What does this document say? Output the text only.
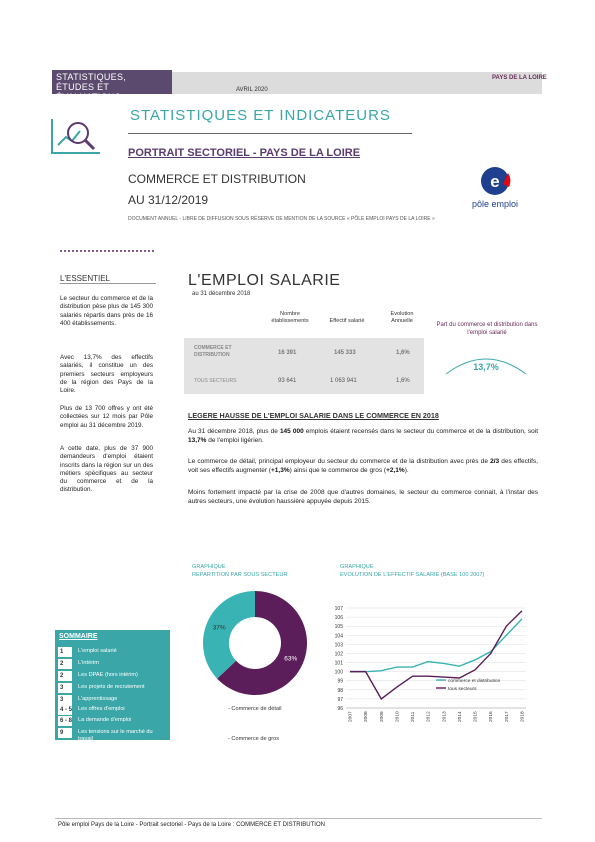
STATISTIQUES,
ÉTUDES ET ÉVALUATIONS
AVRIL 2020
PAYS DE LA LOIRE
STATISTIQUES ET INDICATEURS
PORTRAIT SECTORIEL - PAYS DE LA LOIRE
COMMERCE ET DISTRIBUTION
AU 31/12/2019
DOCUMENT ANNUEL - LIBRE DE DIFFUSION SOUS RÉSERVE DE MENTION DE LA SOURCE « PÔLE EMPLOI PAYS DE LA LOIRE »
e
pôle emploi
L'ESSENTIEL
Le secteur du commerce et de la distribution pèse plus de 145 300 salariés répartis dans près de 16 400 établissements.
Avec 13,7% des effectifs salariés, il constitue un des premiers secteurs employeurs de la région des Pays de la Loire.
Plus de 13 700 offres y ont été collectées sur 12 mois par Pôle emploi au 31 décembre 2019.
A cette date, plus de 37 900 demandeurs d'emploi étaient inscrits dans la région sur un des métiers spécifiques au secteur du commerce et de la distribution.
L'EMPLOI SALARIE
au 31 décembre 2018
Nombre établissements	Effectif salarié
Evolution Annuelle
COMMERCE ET DISTRIBUTION	16 391	145 333	1,6%
TOUS SECTEURS	93 641	1 063 941	1,6%
Part du commerce et distribution dans l'emploi salarié
13,7%
LEGERE HAUSSE DE L'EMPLOI SALARIE DANS LE COMMERCE EN 2018
Au 31 décembre 2018, plus de 145 000 emplois étaient recensés dans le secteur du commerce et de la distribution, soit 13,7% de l'emploi ligérien.
Le commerce de détail, principal employeur du secteur du commerce et de la distribution avec près de 2/3 des effectifs, voit ses effectifs augmenter (+1,3%) ainsi que le commerce de gros (+2,1%).
Moins fortement impacté par la crise de 2008 que d'autres domaines, le secteur du commerce connait, à l'instar des autres secteurs, une évolution haussière appuyée depuis 2015.
GRAPHIQUE
REPARTITION PAR SOUS SECTEUR
63%
37%
- Commerce de détail
- Commerce de gros
GRAPHIQUE
EVOLUTION DE L'EFFECTIF SALARIE (BASE 100 2007)
96
97
98
99
100
101
102
103
104
105
106
107
2007 2008 2009 2010 2011 2012 2013 2014 2015 2016 2017 2018
commerce et distribution
tous secteurs
SOMMAIRE
1	L'emploi salarié
2	L'intérim
2	Les DPAE (hors intérim)
3	Les projets de recrutement
3	L'apprentissage
4 - 5 Les offres d'emploi
6 - 8 La demande d'emploi
9	Les tensions sur le marché du travail
Pôle emploi Pays de la Loire - Portrait sectoriel - Pays de la Loire : COMMERCE ET DISTRIBUTION
